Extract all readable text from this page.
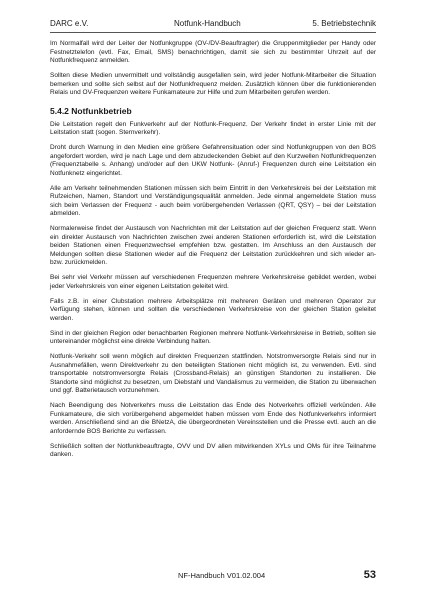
DARC e.V.	Notfunk-Handbuch	5. Betriebstechnik

Im Normalfall wird der Leiter der Notfunkgruppe (OV-/DV-Beauftragter) die Gruppenmitglieder per Handy oder Festnetztelefon (evtl. Fax, Email, SMS) benachrichtigen, damit sie sich zu bestimmter Uhrzeit auf der Notfunkfrequenz anmelden.

Sollten diese Medien unvermittelt und vollständig ausgefallen sein, wird jeder Notfunk-Mitarbeiter die Situation bemerken und sollte sich selbst auf der Notfunkfrequenz melden. Zusätzlich können über die funktionierenden Relais und OV-Frequenzen weitere Funkamateure zur Hilfe und zum Mitarbeiten gerufen werden.

5.4.2 Notfunkbetrieb

Die Leitstation regelt den Funkverkehr auf der Notfunk-Frequenz. Der Verkehr findet in erster Linie mit der Leitstation statt (sogen. Sternverkehr).

Droht durch Warnung in den Medien eine größere Gefahrensituation oder sind Notfunkgruppen von den BOS angefordert worden, wird je nach Lage und dem abzudeckenden Gebiet auf den Kurzwellen Notfunkfrequenzen (Frequenztabelle s. Anhang) und/oder auf den UKW Notfunk- (Anruf-) Frequenzen durch eine Leitstation ein Notfunknetz eingerichtet.

Alle am Verkehr teilnehmenden Stationen müssen sich beim Eintritt in den Verkehrskreis bei der Leitstation mit Rufzeichen, Namen, Standort und Verständigungsqualität anmelden. Jede einmal angemeldete Station muss sich beim Verlassen der Frequenz - auch beim vorübergehenden Verlassen (QRT, QSY) – bei der Leitstation abmelden.

Normalerweise findet der Austausch von Nachrichten mit der Leitstation auf der gleichen Frequenz statt. Wenn ein direkter Austausch von Nachrichten zwischen zwei anderen Stationen erforderlich ist, wird die Leitstation beiden Stationen einen Frequenzwechsel empfehlen bzw. gestatten. Im Anschluss an den Austausch der Meldungen sollten diese Stationen wieder auf die Frequenz der Leitstation zurückkehren und sich wieder an- bzw. zurückmelden.

Bei sehr viel Verkehr müssen auf verschiedenen Frequenzen mehrere Verkehrskreise gebildet werden, wobei jeder Verkehrskreis von einer eigenen Leitstation geleitet wird.

Falls z.B. in einer Clubstation mehrere Arbeitsplätze mit mehreren Geräten und mehreren Operator zur Verfügung stehen, können und sollten die verschiedenen Verkehrskreise von der gleichen Station geleitet werden.

Sind in der gleichen Region oder benachbarten Regionen mehrere Notfunk-Verkehrskreise in Betrieb, sollten sie untereinander möglichst eine direkte Verbindung halten.

Notfunk-Verkehr soll wenn möglich auf direkten Frequenzen stattfinden. Notstromversorgte Relais sind nur in Ausnahmefällen, wenn Direktverkehr zu den beteiligten Stationen nicht möglich ist, zu verwenden. Evtl. sind transportable notstromversorgte Relais (Crossband-Relais) an günstigen Standorten zu installieren. Die Standorte sind möglichst zu besetzen, um Diebstahl und Vandalismus zu vermeiden, die Station zu überwachen und ggf. Batterietausch vorzunehmen.

Nach Beendigung des Notverkehrs muss die Leitstation das Ende des Notverkehrs offiziell verkünden. Alle Funkamateure, die sich vorübergehend abgemeldet haben müssen vom Ende des Notfunkverkehrs informiert werden. Anschließend sind an die BNetzA, die übergeordneten Vereinsstellen und die Presse evtl. auch an die anfordernde BOS Berichte zu verfassen.

Schließlich sollten der Notfunkbeauftragte, OVV und DV allen mitwirkenden XYLs und OMs für ihre Teilnahme danken.

NF-Handbuch V01.02.004	53
